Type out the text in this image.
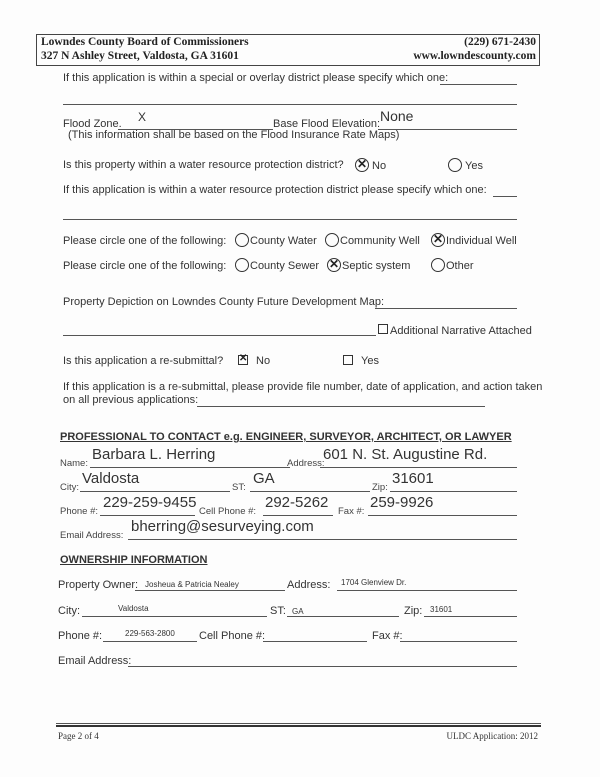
Lowndes County Board of Commissioners
327 N Ashley Street, Valdosta, GA 31601
(229) 671-2430
www.lowndescounty.com
If this application is within a special or overlay district please specify which one:
Flood Zone. X	Base Flood Elevation: None
(This information shall be based on the Flood Insurance Rate Maps)
Is this property within a water resource protection district? ✕	No	Yes
If this application is within a water resource protection district please specify which one:
Please circle one of the following: County Water Community Well ✕ Individual Well
Please circle one of the following: County Sewer ✕ Septic system	Other
Property Depiction on Lowndes County Future Development Map:
Additional Narrative Attached
Is this application a re-submittal? ✕	No	Yes
If this application is a re-submittal, please provide file number, date of application, and action taken
on all previous applications:
PROFESSIONAL TO CONTACT e.g. ENGINEER, SURVEYOR, ARCHITECT, OR LAWYER
Name:
Barbara L. Herring
Address:
601 N. St. Augustine Rd.
City:
Valdosta
ST:
GA
Zip:
31601
Phone #:
229-259-9455
Cell Phone #:
292-5262
Fax #:
259-9926
Email Address:
bherring@sesurveying.com
OWNERSHIP INFORMATION
Property Owner: Josheua & Patricia Nealey	Address: 1704 Glenview Dr.
City:	Valdosta	ST: GA	Zip: 31601
Phone #:	229-563-2800 Cell Phone #:	Fax #:
Email Address:
Page 2 of 4	ULDC Application: 2012
